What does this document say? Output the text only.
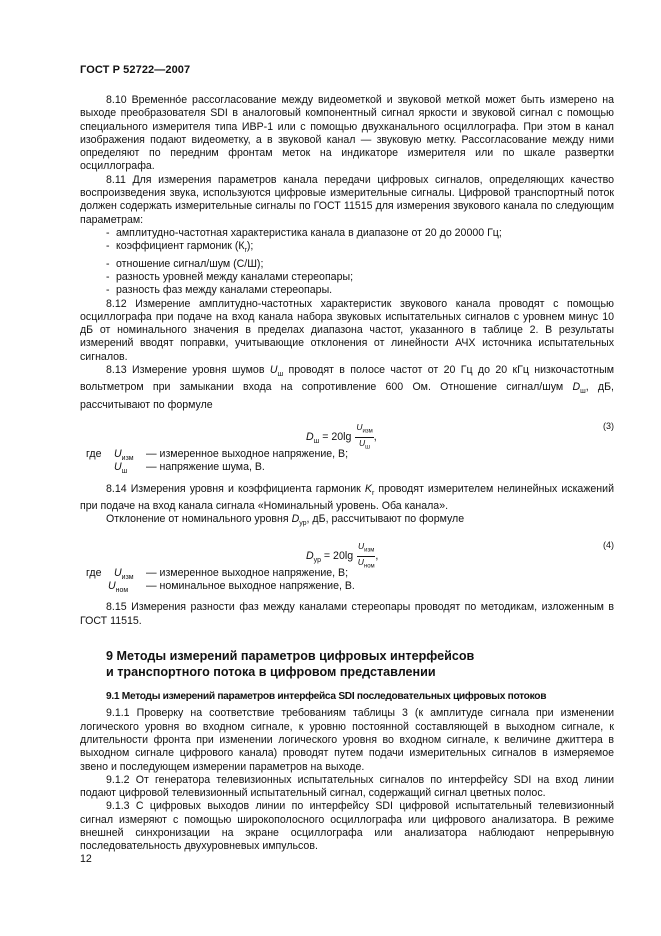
ГОСТ Р 52722—2007

8.10 Временно́е рассогласование между видеометкой и звуковой меткой может быть измерено на выходе преобразователя SDI в аналоговый компонентный сигнал яркости и звуковой сигнал с помощью специального измерителя типа ИВР-1 или с помощью двухканального осциллографа. При этом в канал изображения подают видеометку, а в звуковой канал — звуковую метку. Рассогласование между ними определяют по передним фронтам меток на индикаторе измерителя или по шкале развертки осциллографа.

8.11 Для измерения параметров канала передачи цифровых сигналов, определяющих качество воспроизведения звука, используются цифровые измерительные сигналы. Цифровой транспортный поток должен содержать измерительные сигналы по ГОСТ 11515 для измерения звукового канала по следующим параметрам:

- амплитудно-частотная характеристика канала в диапазоне от 20 до 20000 Гц;
- коэффициент гармоник $(К_r)$;
- отношение сигнал/шум (С/Ш);
- разность уровней между каналами стереопары;
- разность фаз между каналами стереопары.

8.12 Измерение амплитудно-частотных характеристик звукового канала проводят с помощью осциллографа при подаче на вход канала набора звуковых испытательных сигналов с уровнем минус 10 дБ от номинального значения в пределах диапазона частот, указанного в таблице 2. В результаты измерений вводят поправки, учитывающие отклонения от линейности АЧХ источника испытательных сигналов.

8.13 Измерение уровня шумов $U_ш$ проводят в полосе частот от 20 Гц до 20 кГц низкочастотным вольтметром при замыкании входа на сопротивление 600 Ом. Отношение сигнал/шум $D_ш$, дБ, рассчитывают по формуле

$D_ш = 20\lg \frac{U_{изм}}{U_ш}$ ,
(3)
где $U_{изм}$ — измеренное выходное напряжение, В;
$U_ш$ — напряжение шума, В.

8.14 Измерения уровня и коэффициента гармоник $K_r$ проводят измерителем нелинейных искажений при подаче на вход канала сигнала «Номинальный уровень. Оба канала».

Отклонение от номинального уровня $D_{ур}$, дБ, рассчитывают по формуле

$D_{ур} = 20\lg \frac{U_{изм}}{U_{ном}}$ ,
(4)
где $U_{изм}$ — измеренное выходное напряжение, В;
$U_{ном}$ — номинальное выходное напряжение, В.

8.15 Измерения разности фаз между каналами стереопары проводят по методикам, изложенным в ГОСТ 11515.

9 Методы измерений параметров цифровых интерфейсов
и транспортного потока в цифровом представлении
9.1 Методы измерений параметров интерфейса SDI последовательных цифровых потоков

9.1.1 Проверку на соответствие требованиям таблицы 3 (к амплитуде сигнала при изменении логического уровня во входном сигнале, к уровню постоянной составляющей в выходном сигнале, к длительности фронта при изменении логического уровня во входном сигнале, к величине джиттера в выходном сигнале цифрового канала) проводят путем подачи измерительных сигналов в измеряемое звено и последующем измерении параметров на выходе.

9.1.2 От генератора телевизионных испытательных сигналов по интерфейсу SDI на вход линии подают цифровой телевизионный испытательный сигнал, содержащий сигнал цветных полос.

9.1.3 С цифровых выходов линии по интерфейсу SDI цифровой испытательный телевизионный сигнал измеряют с помощью широкополосного осциллографа или цифрового анализатора. В режиме внешней синхронизации на экране осциллографа или анализатора наблюдают непрерывную последовательность двухуровневых импульсов.

12
